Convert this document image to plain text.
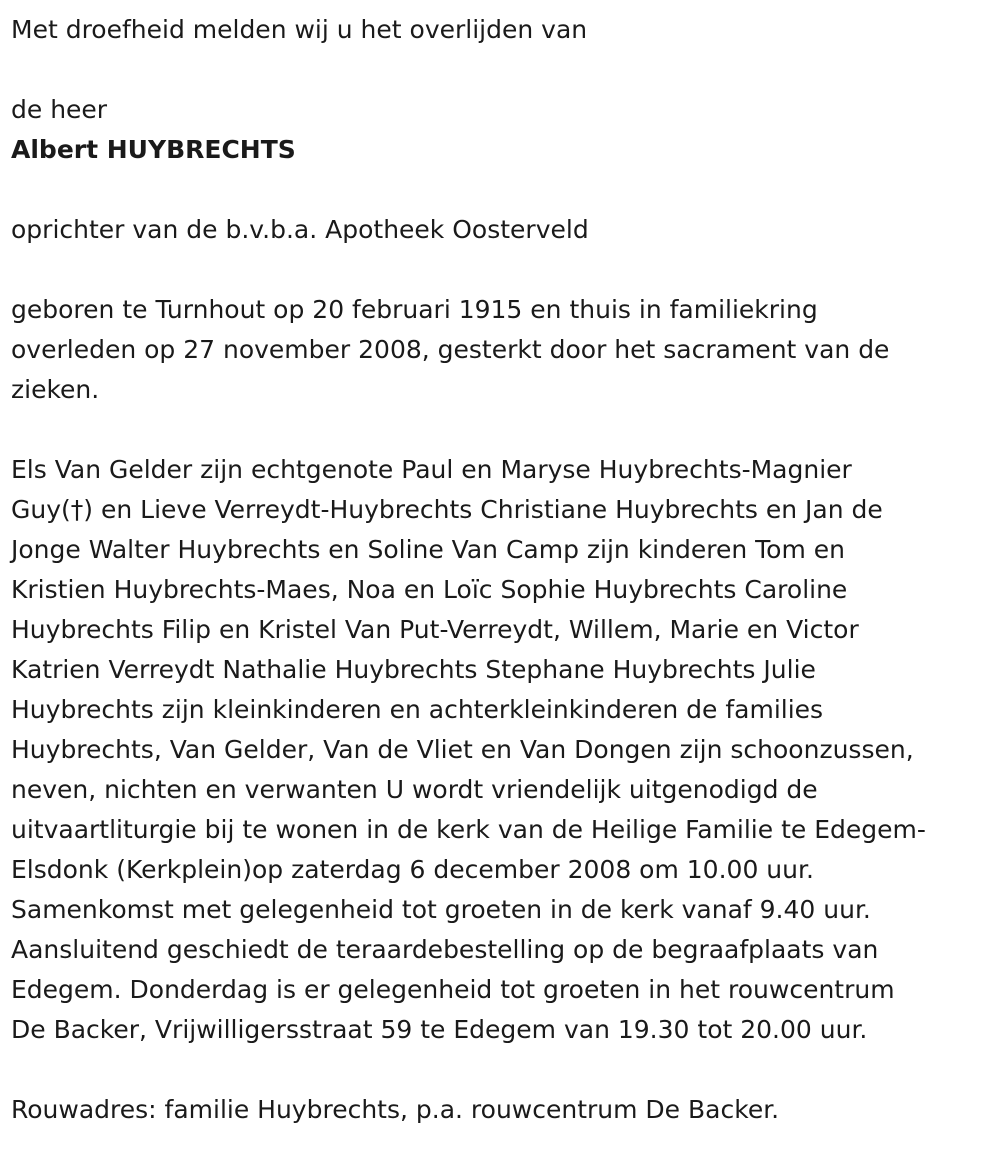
Met droefheid melden wij u het overlijden van

de heer

Albert HUYBRECHTS

oprichter van de b.v.b.a. Apotheek Oosterveld

geboren te Turnhout op 20 februari 1915 en thuis in familiekring

overleden op 27 november 2008, gesterkt door het sacrament van de

zieken.

Els Van Gelder zijn echtgenote Paul en Maryse Huybrechts-Magnier

Guy(†) en Lieve Verreydt-Huybrechts Christiane Huybrechts en Jan de

Jonge Walter Huybrechts en Soline Van Camp zijn kinderen Tom en

Kristien Huybrechts-Maes, Noa en Loïc Sophie Huybrechts Caroline

Huybrechts Filip en Kristel Van Put-Verreydt, Willem, Marie en Victor

Katrien Verreydt Nathalie Huybrechts Stephane Huybrechts Julie

Huybrechts zijn kleinkinderen en achterkleinkinderen de families

Huybrechts, Van Gelder, Van de Vliet en Van Dongen zijn schoonzussen,

neven, nichten en verwanten U wordt vriendelijk uitgenodigd de

uitvaartliturgie bij te wonen in de kerk van de Heilige Familie te Edegem-

Elsdonk (Kerkplein)op zaterdag 6 december 2008 om 10.00 uur.

Samenkomst met gelegenheid tot groeten in de kerk vanaf 9.40 uur.

Aansluitend geschiedt de teraardebestelling op de begraafplaats van

Edegem. Donderdag is er gelegenheid tot groeten in het rouwcentrum

De Backer, Vrijwilligersstraat 59 te Edegem van 19.30 tot 20.00 uur.

Rouwadres: familie Huybrechts, p.a. rouwcentrum De Backer.
